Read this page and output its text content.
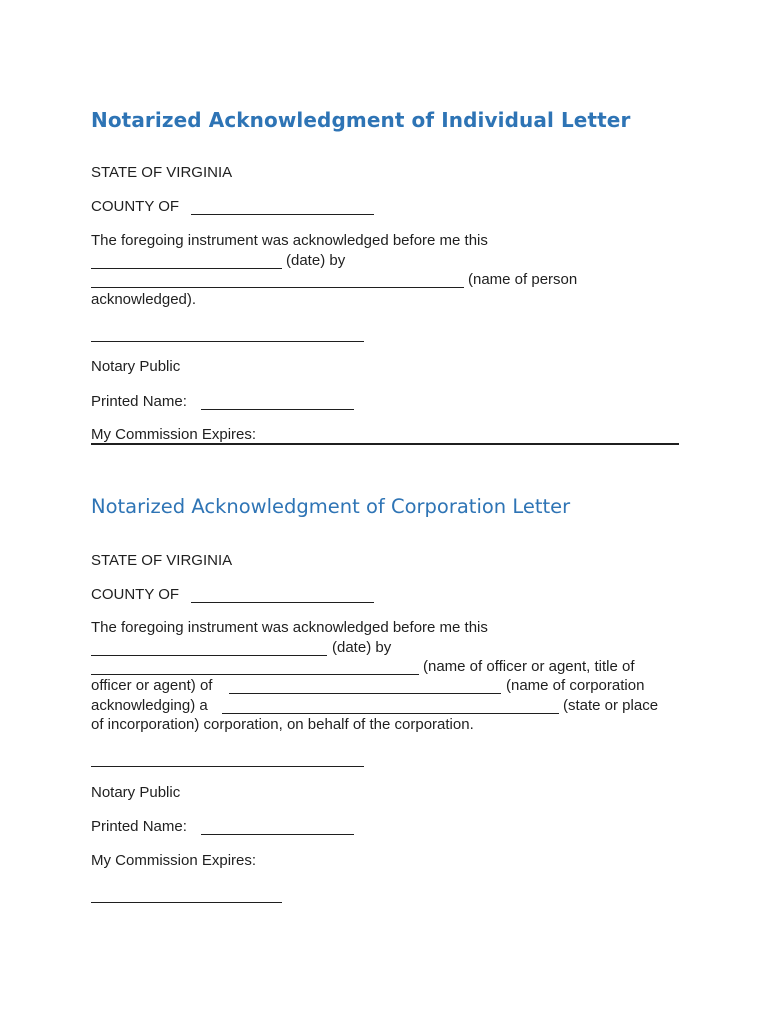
Notarized Acknowledgment of Individual Letter
STATE OF VIRGINIA
COUNTY OF
The foregoing instrument was acknowledged before me this
(date) by
(name of person
acknowledged).
Notary Public
Printed Name:
My Commission Expires:
Notarized Acknowledgment of Corporation Letter
STATE OF VIRGINIA
COUNTY OF
The foregoing instrument was acknowledged before me this
(date) by
(name of officer or agent, title of
officer or agent) of	(name of corporation
acknowledging) a	(state or place
of incorporation) corporation, on behalf of the corporation.
Notary Public
Printed Name:
My Commission Expires:
